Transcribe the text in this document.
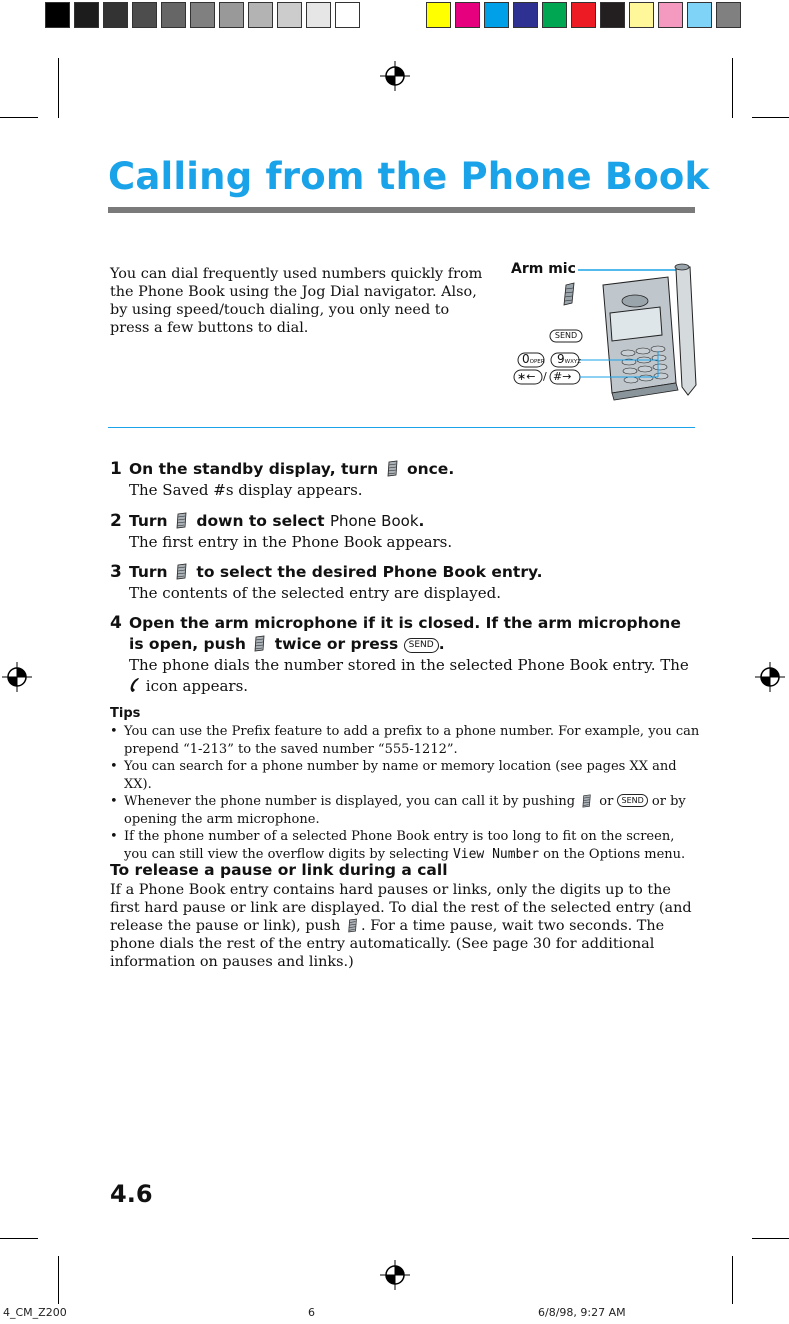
Calling from the Phone Book
You can dial frequently used numbers quickly from the Phone Book using the Jog Dial navigator. Also, by using speed/touch dialing, you only need to press a few buttons to dial.
Arm mic
SEND
0OPER 9WXYZ
∗← / #→
1 On the standby display, turn once.
The Saved #s display appears.
2 Turn down to select Phone Book.
The first entry in the Phone Book appears.
3 Turn to select the desired Phone Book entry.
The contents of the selected entry are displayed.
4 Open the arm microphone if it is closed. If the arm microphone is open, push twice or press SEND .
The phone dials the number stored in the selected Phone Book entry. The  icon appears.
Tips
• You can use the Prefix feature to add a prefix to a phone number. For example, you can prepend “1-213” to the saved number “555-1212”.
• You can search for a phone number by name or memory location (see pages XX and XX).
• Whenever the phone number is displayed, you can call it by pushing or SEND or by opening the arm microphone.
• If the phone number of a selected Phone Book entry is too long to fit on the screen, you can still view the overflow digits by selecting View Number on the Options menu.
To release a pause or link during a call
If a Phone Book entry contains hard pauses or links, only the digits up to the first hard pause or link are displayed. To dial the rest of the selected entry (and release the pause or link), push . For a time pause, wait two seconds. The phone dials the rest of the entry automatically. (See page 30 for additional information on pauses and links.)
4.6
4_CM_Z200	6	6/8/98, 9:27 AM
